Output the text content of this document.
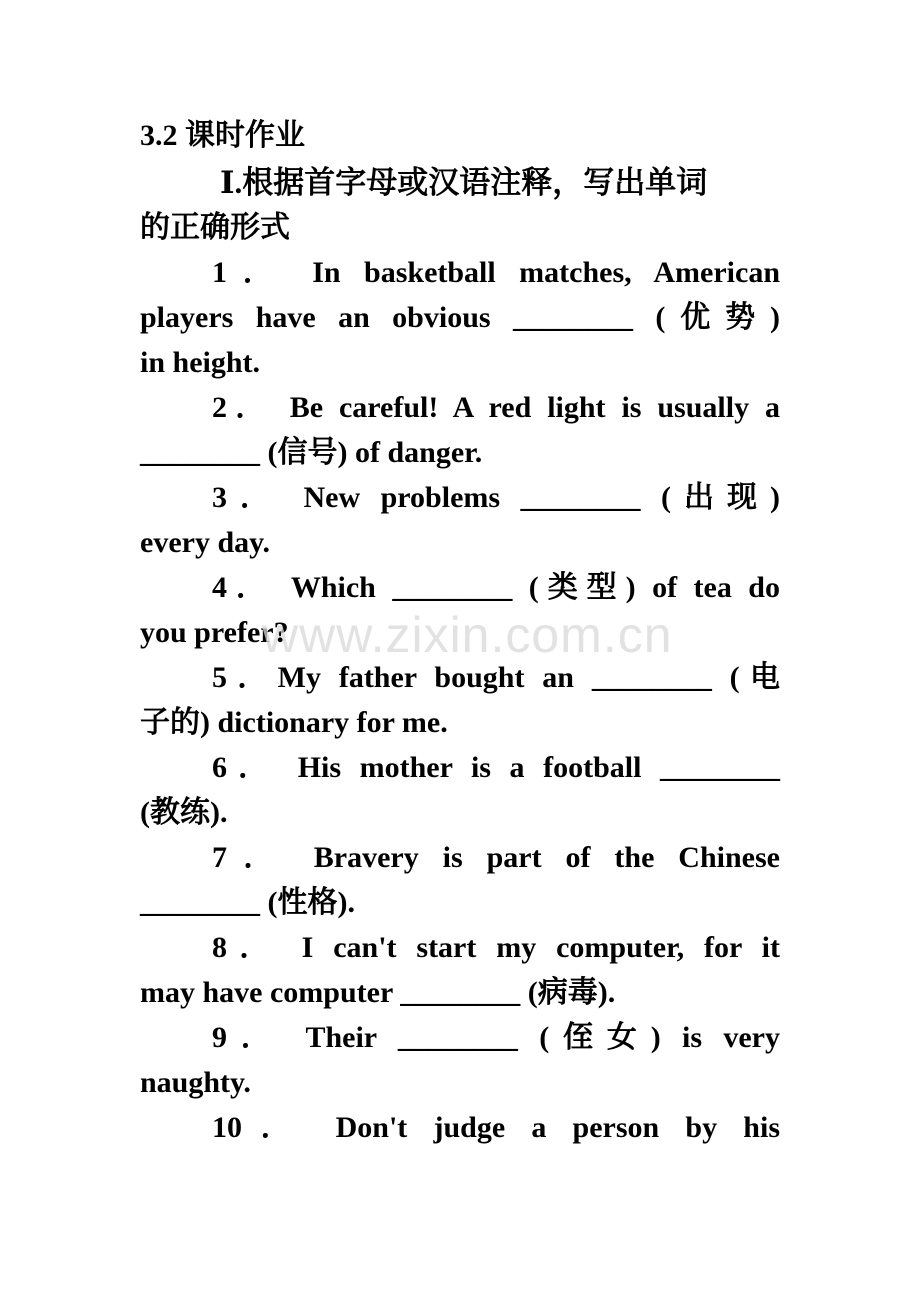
3.2 课时作业
Ⅰ.根据首字母或汉语注释，写出单词
的正确形式
1． In basketball matches, American
players have an obvious ________ (优势)
in height.
2． Be careful! A red light is usually a
________ (信号) of danger.
3． New problems ________ (出现)
every day.
4． Which ________ (类型) of tea do
you prefer?
5．My father bought an ________ (电
子的) dictionary for me.
6． His mother is a football ________
(教练).
7． Bravery is part of the Chinese
________ (性格).
8． I can't start my computer, for it
may have computer ________ (病毒).
9． Their ________ (侄女) is very
naughty.
10． Don't judge a person by his
www.zixin.com.cn
